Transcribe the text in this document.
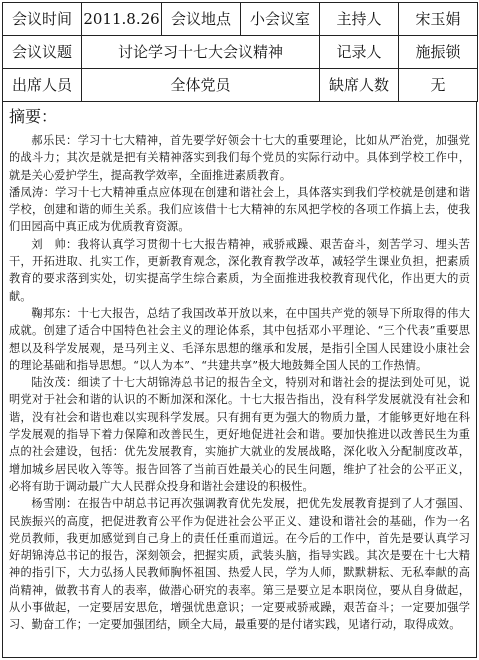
会议时间	2011.8.26	会议地点	小会议室	主持人	宋玉娟
会议议题	讨论学习十七大会议精神			记录人	施振锁
出席人员	全体党员			缺席人数	无
摘要：

郝乐民：学习十七大精神，首先要学好领会十七大的重要理论，比如从严治党，加强党的战斗力；其次是就是把有关精神落实到我们每个党员的实际行动中。具体到学校工作中，就是关心爱护学生，提高教学效率，全面推进素质教育。

潘凤涛：学习十七大精神重点应体现在创建和谐社会上，具体落实到我们学校就是创建和谐学校，创建和谐的师生关系。我们应该借十七大精神的东风把学校的各项工作搞上去，使我们田园高中真正成为优质教育资源。

刘　帅：我将认真学习贯彻十七大报告精神，戒骄戒躁、艰苦奋斗，刻苦学习、埋头苦干，开拓进取、扎实工作，更新教育观念，深化教育教学改革，减轻学生课业负担，把素质教育的要求落到实处，切实提高学生综合素质，为全面推进我校教育现代化，作出更大的贡献。

鞠邦东：十七大报告，总结了我国改革开放以来，在中国共产党的领导下所取得的伟大成就。创建了适合中国特色社会主义的理论体系，其中包括邓小平理论、“三个代表”重要思想以及科学发展观，是马列主义、毛泽东思想的继承和发展，是指引全国人民建设小康社会的理论基础和指导思想。“以人为本”、“共建共享”极大地鼓舞全国人民的工作热情。

陆汝茂：细读了十七大胡锦涛总书记的报告全文，特别对和谐社会的提法到处可见，说明党对于社会和谐的认识的不断加深和深化。十七大报告指出，没有科学发展就没有社会和谐，没有社会和谐也难以实现科学发展。只有拥有更为强大的物质力量，才能够更好地在科学发展观的指导下着力保障和改善民生，更好地促进社会和谐。要加快推进以改善民生为重点的社会建设，包括：优先发展教育，实施扩大就业的发展战略，深化收入分配制度改革，增加城乡居民收入等等。报告回答了当前百姓最关心的民生问题，维护了社会的公平正义，必将有助于调动最广大人民群众投身和谐社会建设的积极性。

杨雪刚：在报告中胡总书记再次强调教育优先发展，把优先发展教育提到了人才强国、民族振兴的高度，把促进教育公平作为促进社会公平正义、建设和谐社会的基础，作为一名党员教师，我更加感觉到自己身上的责任任重而道远。在今后的工作中，首先是要认真学习好胡锦涛总书记的报告，深刻领会，把握实质，武装头脑，指导实践。其次是要在十七大精神的指引下，大力弘扬人民教师胸怀祖国、热爱人民，学为人师，默默耕耘、无私奉献的高尚精神，做教书育人的表率，做潜心研究的表率。第三是要立足本职岗位，要从自身做起，从小事做起，一定要居安思危，增强忧患意识；一定要戒骄戒躁，艰苦奋斗；一定要加强学习、勤奋工作；一定要加强团结，顾全大局，最重要的是付诸实践，见诸行动，取得成效。
